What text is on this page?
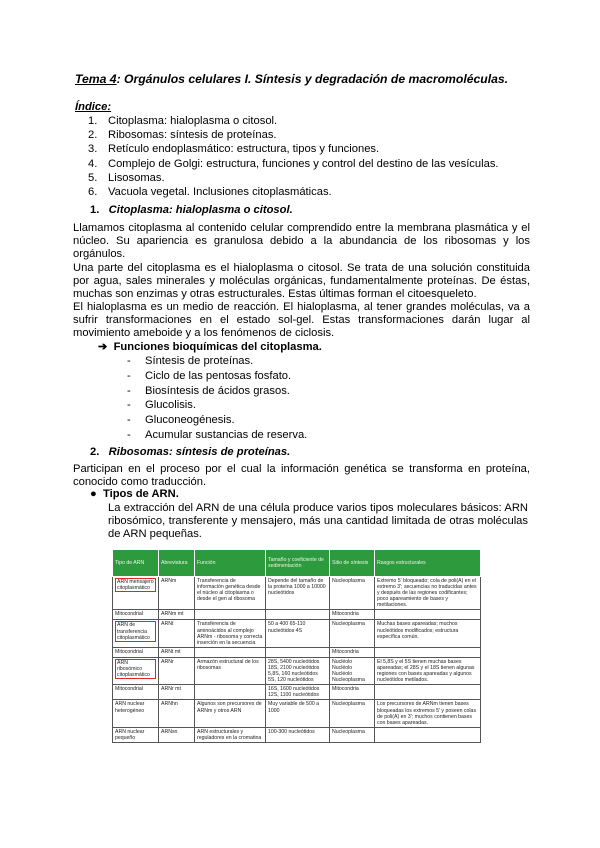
Tema 4: Orgánulos celulares I. Síntesis y degradación de macromoléculas.
Índice:
1. Citoplasma: hialoplasma o citosol.
2. Ribosomas: síntesis de proteínas.
3. Retículo endoplasmático: estructura, tipos y funciones.
4. Complejo de Golgi: estructura, funciones y control del destino de las vesículas.
5. Lisosomas.
6. Vacuola vegetal. Inclusiones citoplasmáticas.
1. Citoplasma: hialoplasma o citosol.
Llamamos citoplasma al contenido celular comprendido entre la membrana plasmática y el
núcleo. Su apariencia es granulosa debido a la abundancia de los ribosomas y los
orgánulos.
Una parte del citoplasma es el hialoplasma o citosol. Se trata de una solución constituida
por agua, sales minerales y moléculas orgánicas, fundamentalmente proteínas. De éstas,
muchas son enzimas y otras estructurales. Estas últimas forman el citoesqueleto.
El hialoplasma es un medio de reacción. El hialoplasma, al tener grandes moléculas, va a
sufrir transformaciones en el estado sol-gel. Estas transformaciones darán lugar al
movimiento ameboide y a los fenómenos de ciclosis.
➔ Funciones bioquímicas del citoplasma.
- Síntesis de proteínas.
- Ciclo de las pentosas fosfato.
- Biosíntesis de ácidos grasos.
- Glucolisis.
- Gluconeogénesis.
- Acumular sustancias de reserva.
2. Ribosomas: síntesis de proteínas.
Participan en el proceso por el cual la información genética se transforma en proteína,
conocido como traducción.
● Tipos de ARN.
La extracción del ARN de una célula produce varios tipos moleculares básicos: ARN
ribosómico, transferente y mensajero, más una cantidad limitada de otras moléculas
de ARN pequeñas.
Tipo de ARN	Abreviatura	Función	Tamaño y coeficiente de sedimentación	Sitio de síntesis	Rasgos estructurales
ARN mensajero citoplasmático	ARNm	Transferencia de información genética desde el núcleo al citoplasma o desde el gen al ribosoma	Depende del tamaño de la proteína 1000 a 10000 nucleótidos	Nucleoplasma	Extremo 5' bloqueado; cola de poli(A) en el extremo 3'; secuencias no traducidas antes y después de las regiones codificantes; poco apareamiento de bases y metilaciones.
Mitocondrial	ARNm mt			Mitocondria	
ARN de transferencia citoplasmático	ARNt	Transferencia de aminoácidos al complejo ARNm - ribosoma y correcta inserción en la secuencia	50 a 400 65-110 nucleótidos 4S	Nucleoplasma	Muchas bases apareadas; muchos nucleótidos modificados; estructura específica común.
Mitocondrial	ARNt mt			Mitocondria	
ARN ribosómico citoplasmático	ARNr	Armazón estructural de los ribosomas	28S, 5400 nucleótidos 18S, 2100 nucleótidos 5,8S, 160 nucleótidos 5S, 120 nucleótidos	Nucléolo Nucléolo Nucléolo Nucleoplasma	El 5,8S y el 5S tienen muchas bases apareadas; el 28S y el 18S tienen algunas regiones con bases apareadas y algunos nucleótidos metilados.
Mitocondrial	ARNr mt		16S, 1600 nucleótidos 12S, 1100 nucleótidos	Mitocondria	
ARN nuclear heterogéneo	ARNhn	Algunos son precursores de ARNm y otros ARN	Muy variable de 500 a 1000	Nucleoplasma	Los precursores de ARNm tienen bases bloqueadas los extremos 5' y poseen colas de poli(A) en 3'; muchos contienen bases con bases apareadas.
ARN nuclear pequeño	ARNsn	ARN estructurales y reguladores en la cromatina	100-300 nucleótidos	Nucleoplasma	
